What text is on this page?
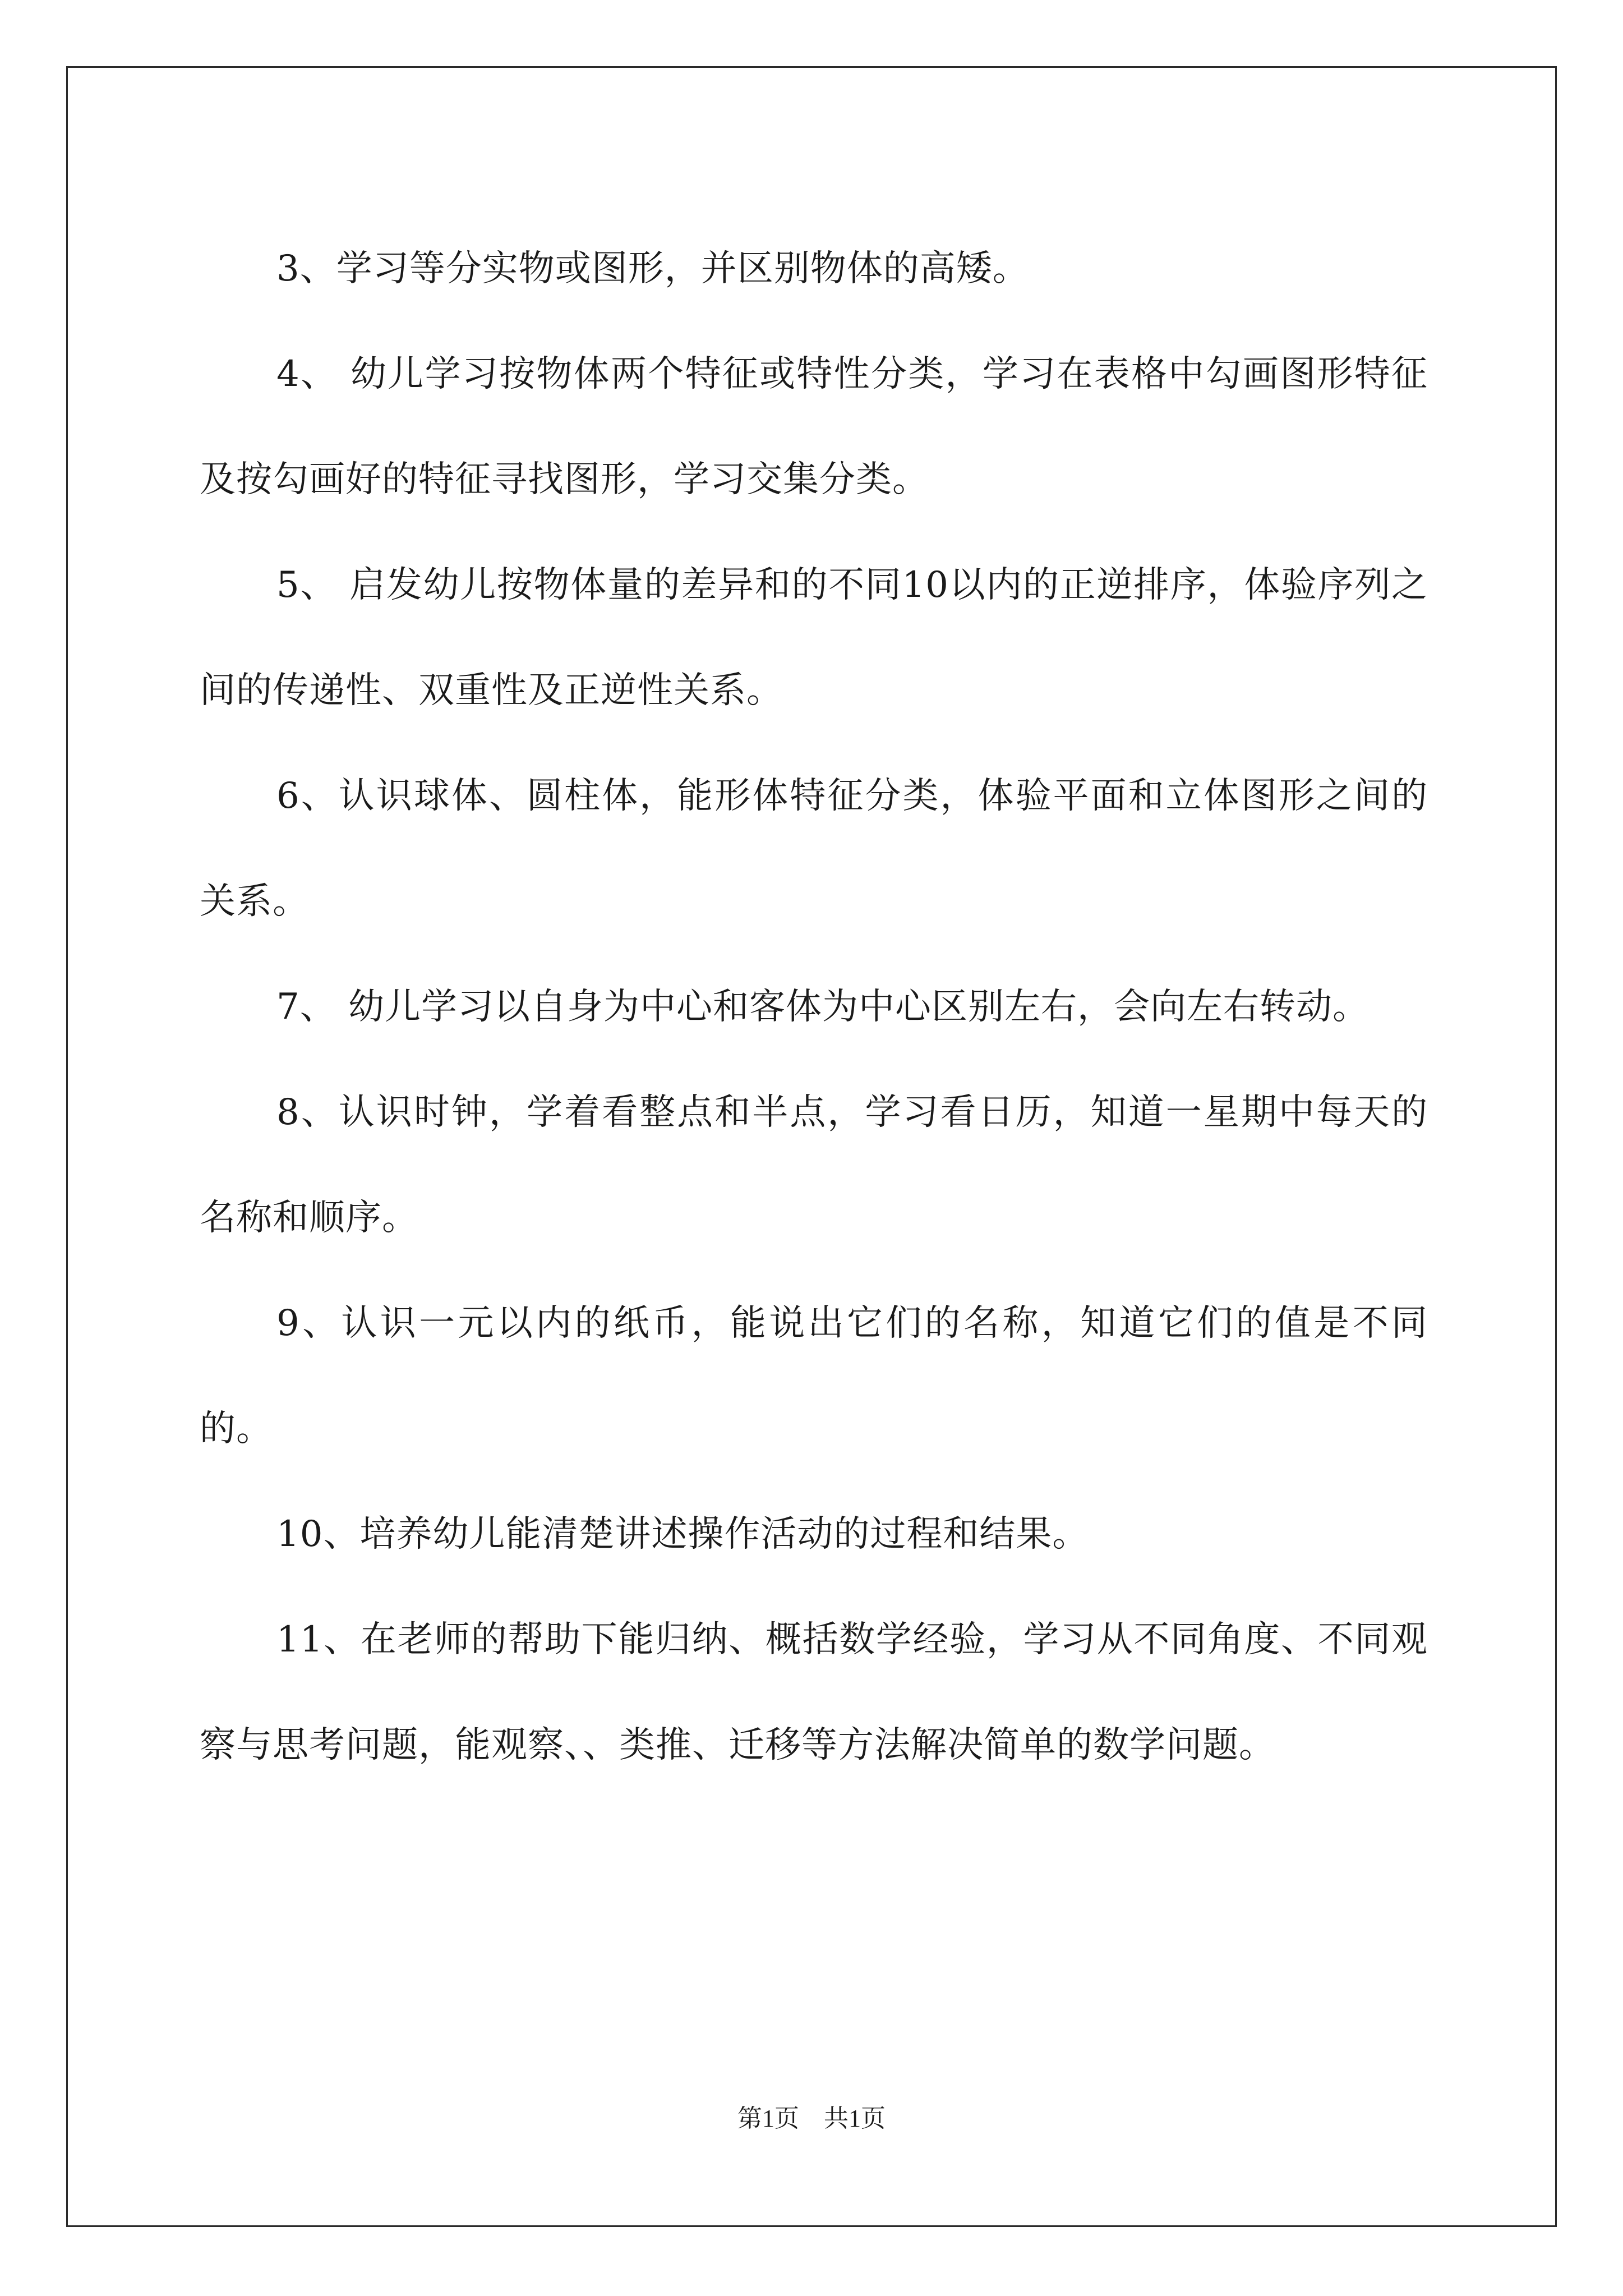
3、学习等分实物或图形，并区别物体的高矮。

4、 幼儿学习按物体两个特征或特性分类，学习在表格中勾画图形特征及按勾画好的特征寻找图形，学习交集分类。

5、 启发幼儿按物体量的差异和的不同10以内的正逆排序，体验序列之间的传递性、双重性及正逆性关系。

6、认识球体、圆柱体，能形体特征分类，体验平面和立体图形之间的关系。

7、 幼儿学习以自身为中心和客体为中心区别左右，会向左右转动。

8、认识时钟，学着看整点和半点，学习看日历，知道一星期中每天的名称和顺序。

9、认识一元以内的纸币，能说出它们的名称，知道它们的值是不同的。

10、培养幼儿能清楚讲述操作活动的过程和结果。

11、在老师的帮助下能归纳、概括数学经验，学习从不同角度、不同观察与思考问题，能观察、、类推、迁移等方法解决简单的数学问题。

第1页　共1页
